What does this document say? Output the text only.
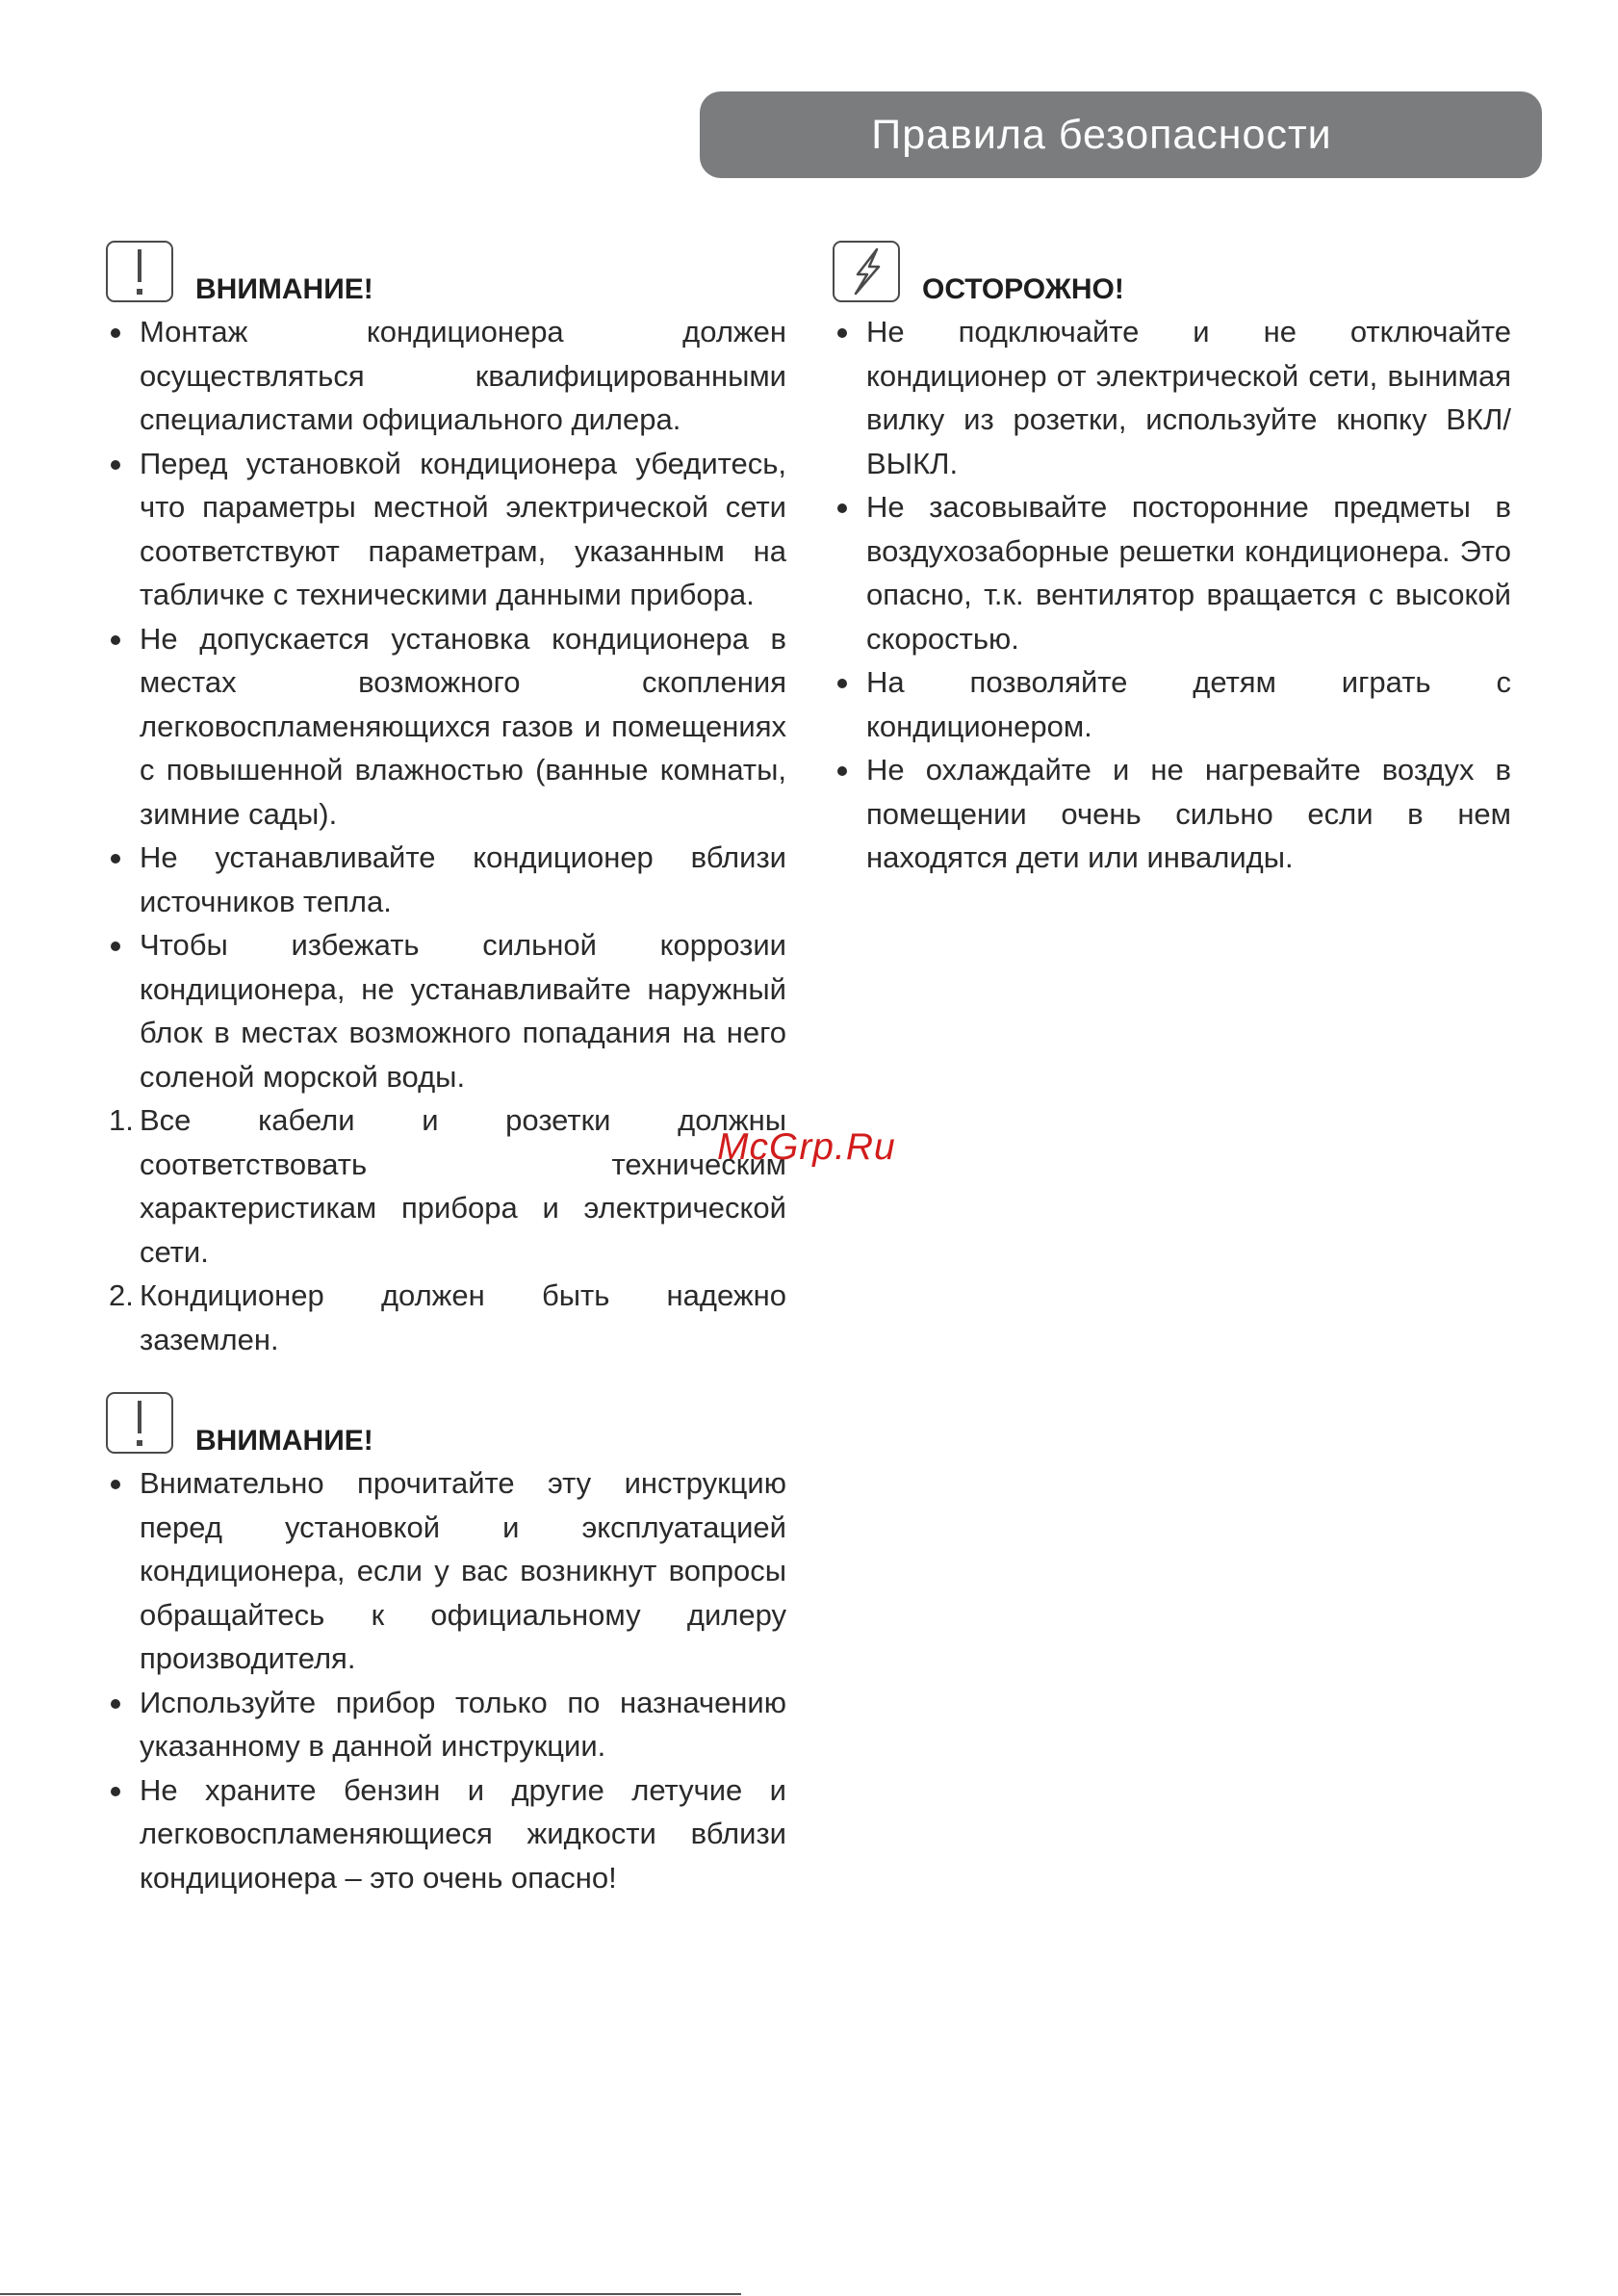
Правила безопасности
ВНИМАНИЕ!
Монтаж кондиционера должен осуществляться квалифицированными специалистами официального дилера.
Перед установкой кондиционера убедитесь, что параметры местной электрической сети соответствуют параметрам, указанным на табличке с техническими данными прибора.
Не допускается установка кондиционера в местах возможного скопления легковоспламеняющихся газов и помещениях с повышенной влажностью (ванные комнаты, зимние сады).
Не устанавливайте кондиционер вблизи источников тепла.
Чтобы избежать сильной коррозии кондиционера, не устанавливайте наружный блок в местах возможного попадания на него соленой морской воды.
1. Все кабели и розетки должны соответствовать техническим характеристикам прибора и электрической сети.
2. Кондиционер должен быть надежно заземлен.
ВНИМАНИЕ!
Внимательно прочитайте эту инструкцию перед установкой и эксплуатацией кондиционера, если у вас возникнут вопросы обращайтесь к официальному дилеру производителя.
Используйте прибор только по назначению указанному в данной инструкции.
Не храните бензин и другие летучие и легковоспламеняющиеся жидкости вблизи кондиционера – это очень опасно!
ОСТОРОЖНО!
Не подключайте и не отключайте кондиционер от электрической сети, вынимая вилку из розетки, используйте кнопку ВКЛ/ВЫКЛ.
Не засовывайте посторонние предметы в воздухозаборные решетки кондиционера. Это опасно, т.к. вентилятор вращается с высокой скоростью.
На позволяйте детям играть с кондиционером.
Не охлаждайте и не нагревайте воздух в помещении очень сильно если в нем находятся дети или инвалиды.
McGrp.Ru
